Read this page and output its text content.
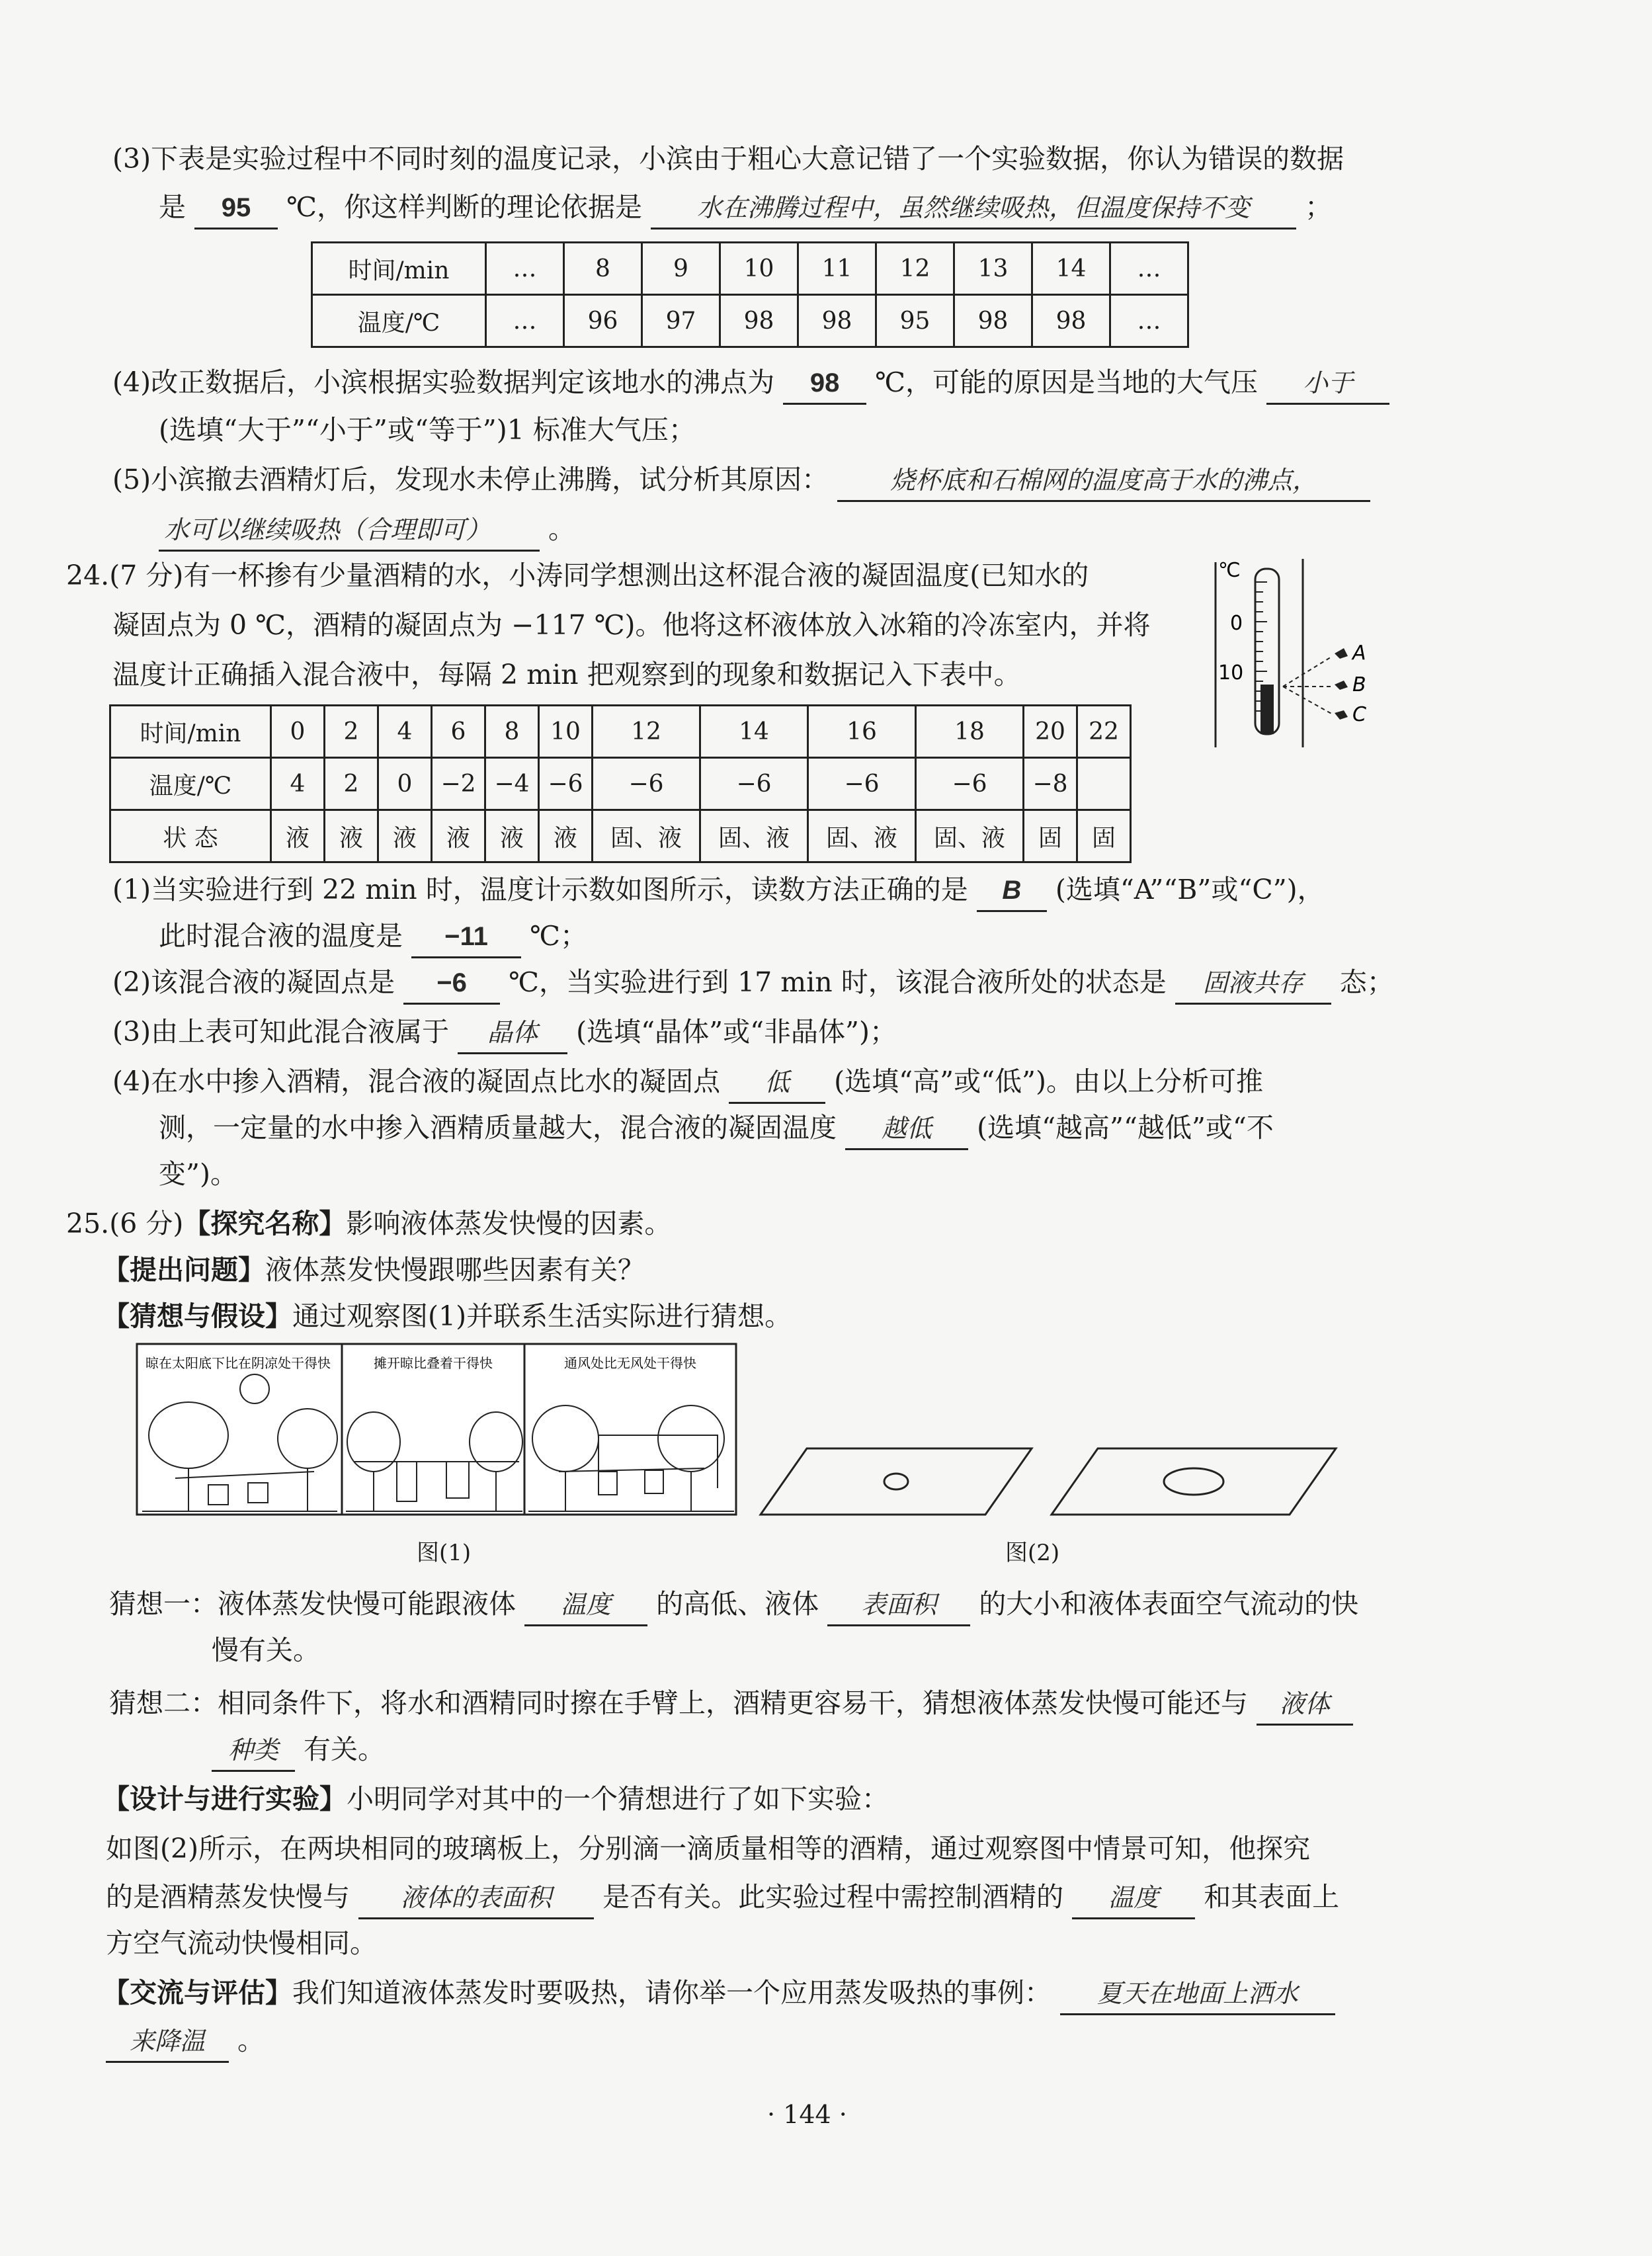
(3)下表是实验过程中不同时刻的温度记录，小滨由于粗心大意记错了一个实验数据，你认为错误的数据
是 95 ℃，你这样判断的理论依据是 水在沸腾过程中，虽然继续吸热，但温度保持不变 ；
时间/min	…	8	9	10	11	12	13	14	…
温度/℃	…	96	97	98	98	95	98	98	…
(4)改正数据后，小滨根据实验数据判定该地水的沸点为 98 ℃，可能的原因是当地的大气压 小于
(选填“大于”“小于”或“等于”)1 标准大气压；
(5)小滨撤去酒精灯后，发现水未停止沸腾，试分析其原因： 烧杯底和石棉网的温度高于水的沸点，
水可以继续吸热（合理即可） 。
24.(7 分)有一杯掺有少量酒精的水，小涛同学想测出这杯混合液的凝固温度(已知水的
凝固点为 0 ℃，酒精的凝固点为 −117 ℃)。他将这杯液体放入冰箱的冷冻室内，并将
温度计正确插入混合液中，每隔 2 min 把观察到的现象和数据记入下表中。
℃
0
10
A
B
C
时间/min	0	2	4	6	8	10	12	14	16	18	20	22
温度/℃	4	2	0	−2	−4	−6	−6	−6	−6	−6	−8	
状 态	液	液	液	液	液	液	固、液	固、液	固、液	固、液	固	固
(1)当实验进行到 22 min 时，温度计示数如图所示，读数方法正确的是 B (选填“A”“B”或“C”)，
此时混合液的温度是 −11 ℃；
(2)该混合液的凝固点是 −6 ℃，当实验进行到 17 min 时，该混合液所处的状态是 固液共存 态；
(3)由上表可知此混合液属于 晶体 (选填“晶体”或“非晶体”)；
(4)在水中掺入酒精，混合液的凝固点比水的凝固点 低 (选填“高”或“低”)。由以上分析可推
测，一定量的水中掺入酒精质量越大，混合液的凝固温度 越低 (选填“越高”“越低”或“不
变”)。
25.(6 分)【探究名称】影响液体蒸发快慢的因素。
【提出问题】液体蒸发快慢跟哪些因素有关？
【猜想与假设】通过观察图(1)并联系生活实际进行猜想。
晾在太阳底下比在阴凉处干得快	摊开晾比叠着干得快	通风处比无风处干得快
图(1)	图(2)
猜想一：液体蒸发快慢可能跟液体 温度 的高低、液体 表面积 的大小和液体表面空气流动的快
慢有关。
猜想二：相同条件下，将水和酒精同时擦在手臂上，酒精更容易干，猜想液体蒸发快慢可能还与 液体
种类 有关。
【设计与进行实验】小明同学对其中的一个猜想进行了如下实验：
如图(2)所示，在两块相同的玻璃板上，分别滴一滴质量相等的酒精，通过观察图中情景可知，他探究
的是酒精蒸发快慢与 液体的表面积 是否有关。此实验过程中需控制酒精的 温度 和其表面上
方空气流动快慢相同。
【交流与评估】我们知道液体蒸发时要吸热，请你举一个应用蒸发吸热的事例： 夏天在地面上洒水
来降温 。
· 144 ·
